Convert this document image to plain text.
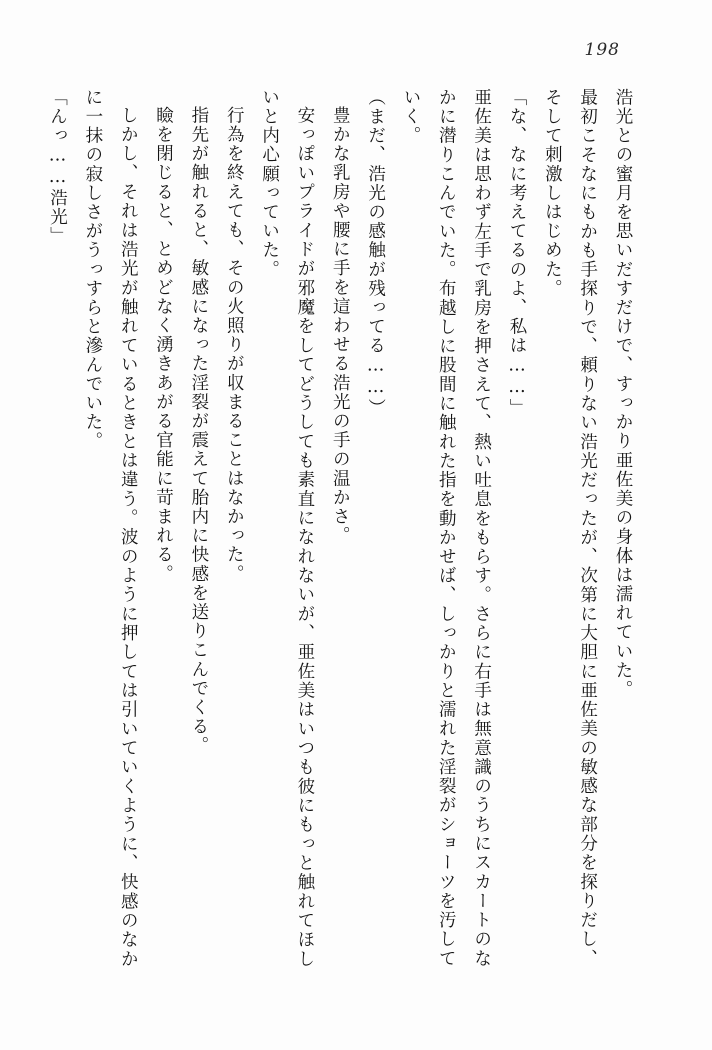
198

浩光との蜜月を思いだすだけで、すっかり亜佐美の身体は濡れていた。

最初こそなにもかも手探りで、頼りない浩光だったが、次第に大胆に亜佐美の敏感な部分を探りだし、そして刺激しはじめた。

「な、なに考えてるのよ、私は……」

亜佐美は思わず左手で乳房を押さえて、熱い吐息をもらす。さらに右手は無意識のうちにスカートのなかに潜りこんでいた。布越しに股間に触れた指を動かせば、しっかりと濡れた淫裂がショーツを汚していく。

（まだ、浩光の感触が残ってる……）

豊かな乳房や腰に手を這わせる浩光の手の温かさ。

安っぽいプライドが邪魔をしてどうしても素直になれないが、亜佐美はいつも彼にもっと触れてほしいと内心願っていた。

行為を終えても、その火照りが収まることはなかった。

指先が触れると、敏感になった淫裂が震えて胎内に快感を送りこんでくる。

瞼を閉じると、とめどなく湧きあがる官能に苛まれる。

しかし、それは浩光が触れているときとは違う。波のように押しては引いていくように、快感のなかに一抹の寂しさがうっすらと滲んでいた。

「んっ……浩光」
